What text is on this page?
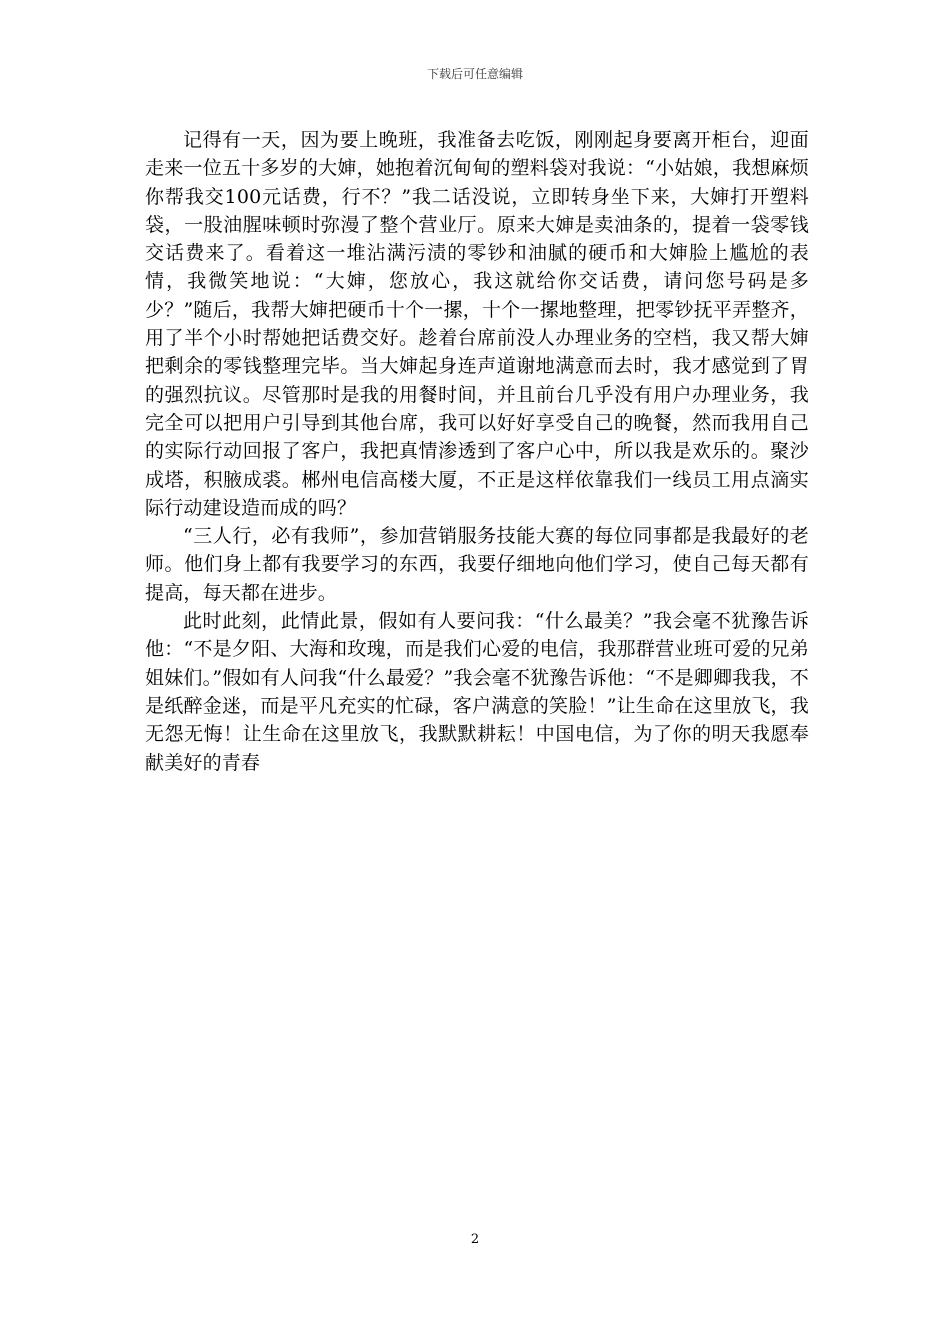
下载后可任意编辑

记得有一天，因为要上晚班，我准备去吃饭，刚刚起身要离开柜台，迎面走来一位五十多岁的大婶，她抱着沉甸甸的塑料袋对我说：“小姑娘，我想麻烦你帮我交100元话费，行不？”我二话没说，立即转身坐下来，大婶打开塑料袋，一股油腥味顿时弥漫了整个营业厅。原来大婶是卖油条的，提着一袋零钱交话费来了。看着这一堆沾满污渍的零钞和油腻的硬币和大婶脸上尴尬的表情，我微笑地说：“大婶，您放心，我这就给你交话费，请问您号码是多少？”随后，我帮大婶把硬币十个一摞，十个一摞地整理，把零钞抚平弄整齐，用了半个小时帮她把话费交好。趁着台席前没人办理业务的空档，我又帮大婶把剩余的零钱整理完毕。当大婶起身连声道谢地满意而去时，我才感觉到了胃的强烈抗议。尽管那时是我的用餐时间，并且前台几乎没有用户办理业务，我完全可以把用户引导到其他台席，我可以好好享受自己的晚餐，然而我用自己的实际行动回报了客户，我把真情渗透到了客户心中，所以我是欢乐的。聚沙成塔，积腋成裘。郴州电信高楼大厦，不正是这样依靠我们一线员工用点滴实际行动建设造而成的吗？

“三人行，必有我师”，参加营销服务技能大赛的每位同事都是我最好的老师。他们身上都有我要学习的东西，我要仔细地向他们学习，使自己每天都有提高，每天都在进步。

此时此刻，此情此景，假如有人要问我：“什么最美？”我会毫不犹豫告诉他：“不是夕阳、大海和玫瑰，而是我们心爱的电信，我那群营业班可爱的兄弟姐妹们。”假如有人问我“什么最爱？”我会毫不犹豫告诉他：“不是卿卿我我，不是纸醉金迷，而是平凡充实的忙碌，客户满意的笑脸！”让生命在这里放飞，我无怨无悔！让生命在这里放飞，我默默耕耘！中国电信，为了你的明天我愿奉献美好的青春

2
